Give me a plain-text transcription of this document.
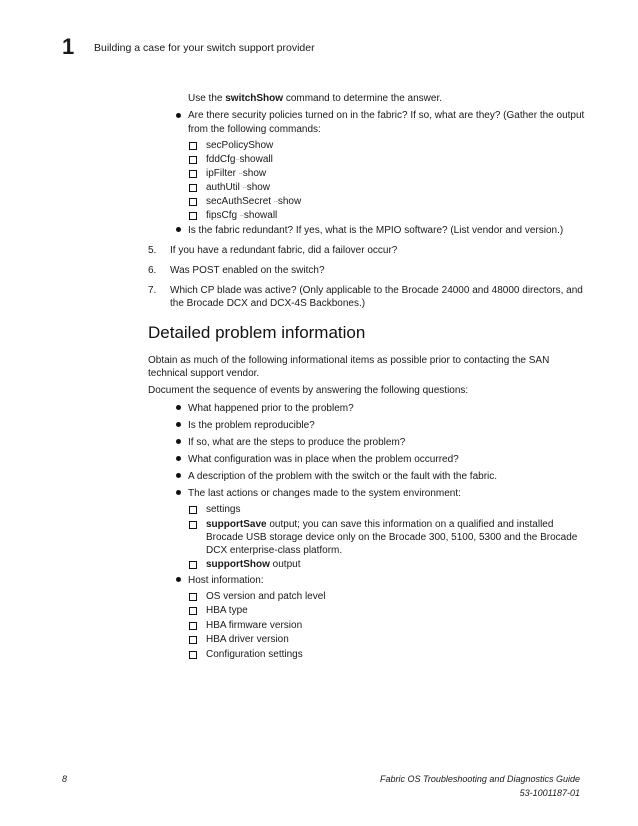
1 Building a case for your switch support provider
Use the switchShow command to determine the answer.
Are there security policies turned on in the fabric? If so, what are they? (Gather the output
from the following commands:
secPolicyShow
fddCfg--showall
ipFilter --show
authUtil --show
secAuthSecret --show
fipsCfg --showall
Is the fabric redundant? If yes, what is the MPIO software? (List vendor and version.)
5. If you have a redundant fabric, did a failover occur?
6. Was POST enabled on the switch?
7. Which CP blade was active? (Only applicable to the Brocade 24000 and 48000 directors, and
the Brocade DCX and DCX-4S Backbones.)
Detailed problem information
Obtain as much of the following informational items as possible prior to contacting the SAN
technical support vendor.
Document the sequence of events by answering the following questions:
What happened prior to the problem?
Is the problem reproducible?
If so, what are the steps to produce the problem?
What configuration was in place when the problem occurred?
A description of the problem with the switch or the fault with the fabric.
The last actions or changes made to the system environment:
settings
supportSave output; you can save this information on a qualified and installed
Brocade USB storage device only on the Brocade 300, 5100, 5300 and the Brocade
DCX enterprise-class platform.
supportShow output
Host information:
OS version and patch level
HBA type
HBA firmware version
HBA driver version
Configuration settings
8	Fabric OS Troubleshooting and Diagnostics Guide
53-1001187-01
